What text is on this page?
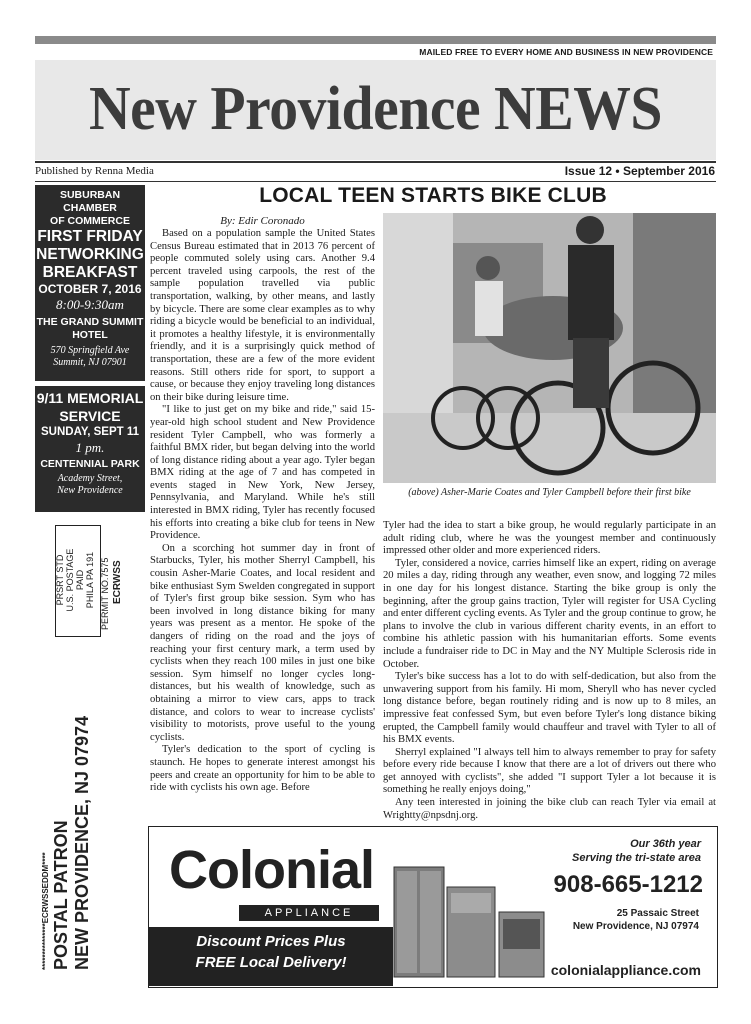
MAILED FREE TO EVERY HOME AND BUSINESS IN NEW PROVIDENCE
New Providence NEWS
Published by Renna Media	Issue 12 • September 2016
SUBURBAN CHAMBER
OF COMMERCE
FIRST FRIDAY
NETWORKING
BREAKFAST
OCTOBER 7, 2016
8:00-9:30am
THE GRAND SUMMIT
HOTEL
570 Springfield Ave
Summit, NJ 07901
9/11 MEMORIAL
SERVICE
SUNDAY, SEPT 11
1 pm.
CENTENNIAL PARK
Academy Street,
New Providence
PRSRT STD U.S. POSTAGE PAID PHILA PA 191 PERMIT NO.7575 ECRWSS
***************ECRWSSEDDM**** POSTAL PATRON NEW PROVIDENCE, NJ 07974
LOCAL TEEN STARTS BIKE CLUB
By: Edir Coronado

Based on a population sample the United States Census Bureau estimated that in 2013 76 percent of people commuted solely using cars. Another 9.4 percent traveled using carpools, the rest of the sample population travelled via public transportation, walking, by other means, and lastly by bicycle. There are some clear examples as to why riding a bicycle would be beneficial to an individual, it promotes a healthy lifestyle, it is environmentally friendly, and it is a surprisingly quick method of transportation, these are a few of the more evident reasons. Still others ride for sport, to support a cause, or because they enjoy traveling long distances on their bike during leisure time.

"I like to just get on my bike and ride," said 15-year-old high school student and New Providence resident Tyler Campbell, who was formerly a faithful BMX rider, but began delving into the world of long distance riding about a year ago. Tyler began BMX riding at the age of 7 and has competed in events staged in New York, New Jersey, Pennsylvania, and Maryland. While he's still interested in BMX riding, Tyler has recently focused his efforts into creating a bike club for teens in New Providence.

On a scorching hot summer day in front of Starbucks, Tyler, his mother Sherryl Campbell, his cousin Asher-Marie Coates, and local resident and bike enthusiast Sym Swelden congregated in support of Tyler's first group bike session. Sym who has been involved in long distance biking for many years was present as a mentor. He spoke of the dangers of riding on the road and the joys of reaching your first century mark, a term used by cyclists when they reach 100 miles in just one bike session. Sym himself no longer cycles long-distances, but his wealth of knowledge, such as obtaining a mirror to view cars, apps to track distance, and colors to wear to increase cyclists' visibility to motorists, prove useful to the young cyclists.

Tyler's dedication to the sport of cycling is staunch. He hopes to generate interest amongst his peers and create an opportunity for him to be able to ride with cyclists his own age. Before

(above) Asher-Marie Coates and Tyler Campbell before their first bike

Tyler had the idea to start a bike group, he would regularly participate in an adult riding club, where he was the youngest member and continuously impressed other older and more experienced riders.

Tyler, considered a novice, carries himself like an expert, riding on average 20 miles a day, riding through any weather, even snow, and logging 72 miles in one day for his longest distance. Starting the bike group is only the beginning, after the group gains traction, Tyler will register for USA Cycling and enter different cycling events. As Tyler and the group continue to grow, he plans to involve the club in various different charity events, in an effort to combine his athletic passion with his humanitarian efforts. Some events include a fundraiser ride to DC in May and the NY Multiple Sclerosis ride in October.

Tyler's bike success has a lot to do with self-dedication, but also from the unwavering support from his family. Hi mom, Sheryll who has never cycled long distance before, began routinely riding and is now up to 8 miles, an impressive feat confessed Sym, but even before Tyler's long distance biking erupted, the Campbell family would chauffeur and travel with Tyler to all of his BMX events.

Sherryl explained "I always tell him to always remember to pray for safety before every ride because I know that there are a lot of drivers out there who get annoyed with cyclists", she added "I support Tyler a lot because it is something he really enjoys doing,"

Any teen interested in joining the bike club can reach Tyler via email at Wrightty@npsdnj.org.

Colonial
APPLIANCE
Discount Prices Plus
FREE Local Delivery!
Our 36th year
Serving the tri-state area
908-665-1212
25 Passaic Street
New Providence, NJ 07974
colonialappliance.com
